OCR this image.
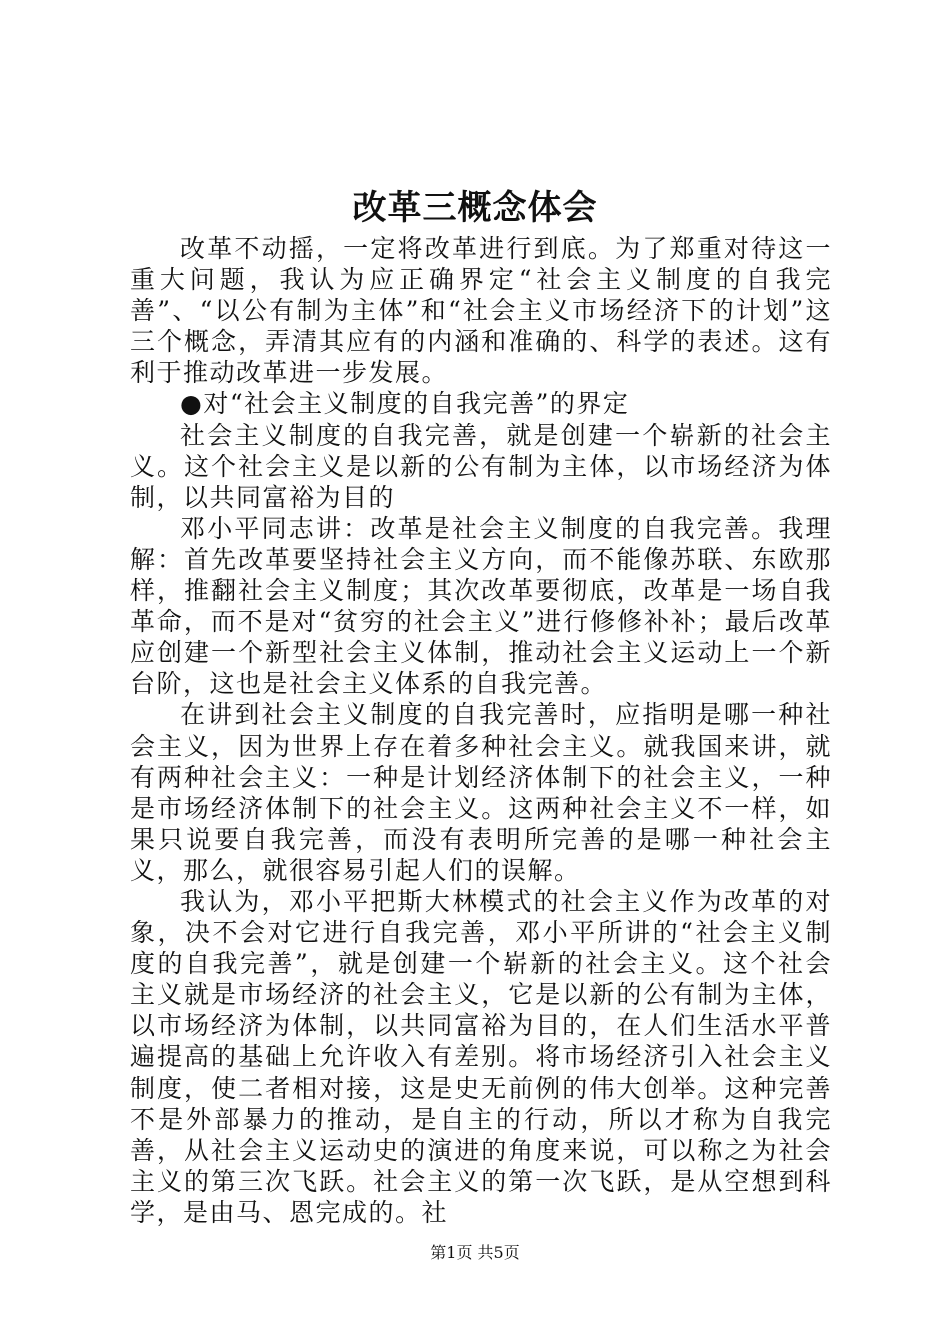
改革三概念体会

改革不动摇，一定将改革进行到底。为了郑重对待这一重大问题，我认为应正确界定“社会主义制度的自我完善”、“以公有制为主体”和“社会主义市场经济下的计划”这三个概念，弄清其应有的内涵和准确的、科学的表述。这有利于推动改革进一步发展。

●对“社会主义制度的自我完善”的界定

社会主义制度的自我完善，就是创建一个崭新的社会主义。这个社会主义是以新的公有制为主体，以市场经济为体制，以共同富裕为目的

邓小平同志讲：改革是社会主义制度的自我完善。我理解：首先改革要坚持社会主义方向，而不能像苏联、东欧那样，推翻社会主义制度；其次改革要彻底，改革是一场自我革命，而不是对“贫穷的社会主义”进行修修补补；最后改革应创建一个新型社会主义体制，推动社会主义运动上一个新台阶，这也是社会主义体系的自我完善。

在讲到社会主义制度的自我完善时，应指明是哪一种社会主义，因为世界上存在着多种社会主义。就我国来讲，就有两种社会主义：一种是计划经济体制下的社会主义，一种是市场经济体制下的社会主义。这两种社会主义不一样，如果只说要自我完善，而没有表明所完善的是哪一种社会主义，那么，就很容易引起人们的误解。

我认为，邓小平把斯大林模式的社会主义作为改革的对象，决不会对它进行自我完善，邓小平所讲的“社会主义制度的自我完善”，就是创建一个崭新的社会主义。这个社会主义就是市场经济的社会主义，它是以新的公有制为主体，以市场经济为体制，以共同富裕为目的，在人们生活水平普遍提高的基础上允许收入有差别。将市场经济引入社会主义制度，使二者相对接，这是史无前例的伟大创举。这种完善不是外部暴力的推动，是自主的行动，所以才称为自我完善，从社会主义运动史的演进的角度来说，可以称之为社会主义的第三次飞跃。社会主义的第一次飞跃，是从空想到科学，是由马、恩完成的。社

第1页 共5页
